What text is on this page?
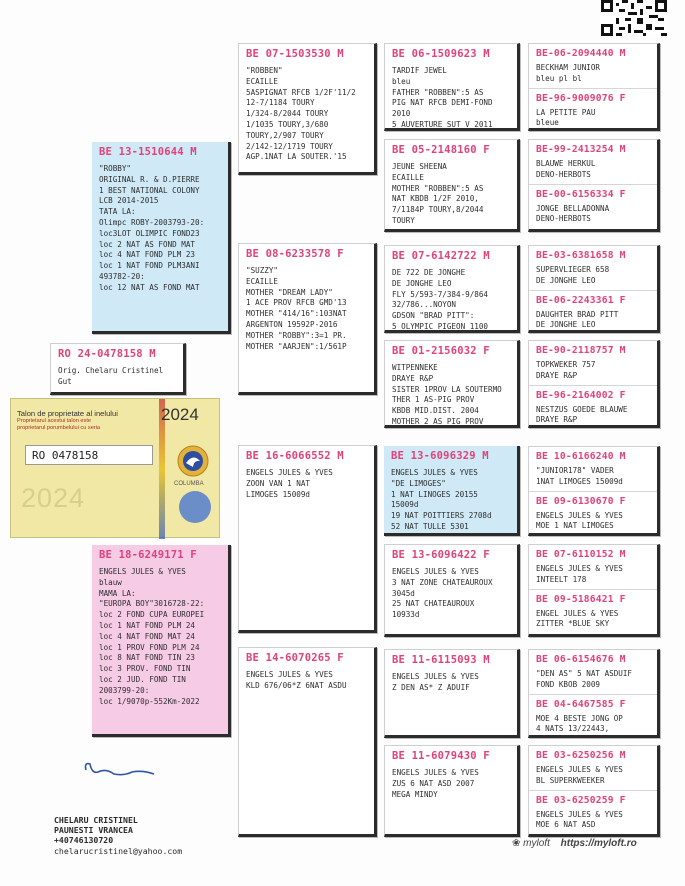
BE 07-1503530 M
"ROBBEN"
ECAILLE
5ASPIGNAT RFCB 1/2F'11/2
12-7/1184 TOURY
1/324-8/2044 TOURY
1/1035 TOURY,3/680
TOURY,2/907 TOURY
2/142-12/1719 TOURY
AGP.1NAT LA SOUTER.'15
BE 08-6233578 F
"SUZZY"
ECAILLE
MOTHER "DREAM LADY"
1 ACE PROV RFCB GMD'13
MOTHER "414/16":103NAT
ARGENTON 19592P-2016
MOTHER "ROBBY":3=1 PR.
MOTHER "AARJEN":1/561P
BE 16-6066552 M
ENGELS JULES & YVES
ZOON VAN 1 NAT
LIMOGES 15009d
BE 14-6070265 F
ENGELS JULES & YVES
KLD 676/06*Z 6NAT ASDU
BE 06-1509623 M
TARDIF JEWEL
bleu
FATHER "ROBBEN":5 AS
PIG NAT RFCB DEMI-FOND
2010
5 AUVERTURE SUT V 2011
BE 05-2148160 F
JEUNE SHEENA
ECAILLE
MOTHER "ROBBEN":5 AS
NAT KBDB 1/2F 2010,
7/1184P TOURY,8/2044
TOURY
BE 07-6142722 M
DE 722 DE JONGHE
DE JONGHE LEO
FLY 5/593-7/384-9/864
32/786...NOYON
GDSON "BRAD PITT":
5 OLYMPIC PIGEON 1100
BE 01-2156032 F
WITPENNEKE
DRAYE R&P
SISTER 1PROV LA SOUTERMO
THER 1 AS-PIG PROV
KBDB MID.DIST. 2004
MOTHER 2 AS PIG PROV
BE 13-6096329 M
ENGELS JULES & YVES
"DE LIMOGES"
1 NAT LINOGES 20155
15009d
19 NAT POITTIERS 2708d
52 NAT TULLE 5301
BE 13-6096422 F
ENGELS JULES & YVES
3 NAT ZONE CHATEAUROUX
3045d
25 NAT CHATEAUROUX
10933d
BE 11-6115093 M
ENGELS JULES & YVES
Z DEN AS* Z ADUIF
BE 11-6079430 F
ENGELS JULES & YVES
ZUS 6 NAT ASD 2007
MEGA MINDY
BE-06-2094440 M
BECKHAM JUNIOR
bleu pl bl
BE-96-9009076 F
LA PETITE PAU
bleue
BE-99-2413254 M
BLAUWE HERKUL
DENO-HERBOTS
BE-00-6156334 F
JONGE BELLADONNA
DENO-HERBOTS
BE-03-6381658 M
SUPERVLIEGER 658
DE JONGHE LEO
BE-06-2243361 F
DAUGHTER BRAD PITT
DE JONGHE LEO
BE-90-2118757 M
TOPKWEKER 757
DRAYE R&P
BE-96-2164002 F
NESTZUS GOEDE BLAUWE
DRAYE R&P
BE 10-6166240 M
"JUNIOR178" VADER
1NAT LIMOGES 15009d
BE 09-6130670 F
ENGELS JULES & YVES
MOE 1 NAT LIMOGES
BE 07-6110152 M
ENGELS JULES & YVES
INTEELT 178
BE 09-5186421 F
ENGEL JULES & YVES
ZITTER *BLUE SKY
BE 06-6154676 M
"DEN AS" 5 NAT ASDUIF
FOND KBOB 2009
BE 04-6467585 F
MOE 4 BESTE JONG OP
4 NATS 13/22443,
BE 03-6250256 M
ENGELS JULES & YVES
BL SUPERKWEEKER
BE 03-6250259 F
ENGELS JULES & YVES
MOE 6 NAT ASD
BE 13-1510644 M
"ROBBY"
ORIGINAL R. & D.PIERRE
1 BEST NATIONAL COLONY
LCB 2014-2015
TATA LA:
Olimpc ROBY-2003793-20:
loc3LOT OLIMPIC FOND23
loc 2 NAT AS FOND MAT
loc 4 NAT FOND PLM 23
loc 1 NAT FOND PLM3ANI
493782-20:
loc 12 NAT AS FOND MAT
BE 18-6249171 F
ENGELS JULES & YVES
blauw
MAMA LA:
"EUROPA BOY"3016728-22:
loc 2 FOND CUPA EUROPEI
loc 1 NAT FOND PLM 24
loc 4 NAT FOND MAT 24
loc 1 PROV FOND PLM 24
loc 8 NAT FOND TIN 23
loc 3 PROV. FOND TIN
loc 2 JUD. FOND TIN
2003799-20:
loc 1/9070p-552Km-2022
RO 24-0478158 M
Orig. Chelaru Cristinel
Gut
Talon de proprietate al inelului
Proprietarul acestui talon este
proprietarul porumbelului cu seria
2024
RO 0478158
2024	COLUMBA
CHELARU CRISTINEL
PAUNESTI VRANCEA
+40746130720
chelarucristinel@yahoo.com
❀ myloft https://myloft.ro
